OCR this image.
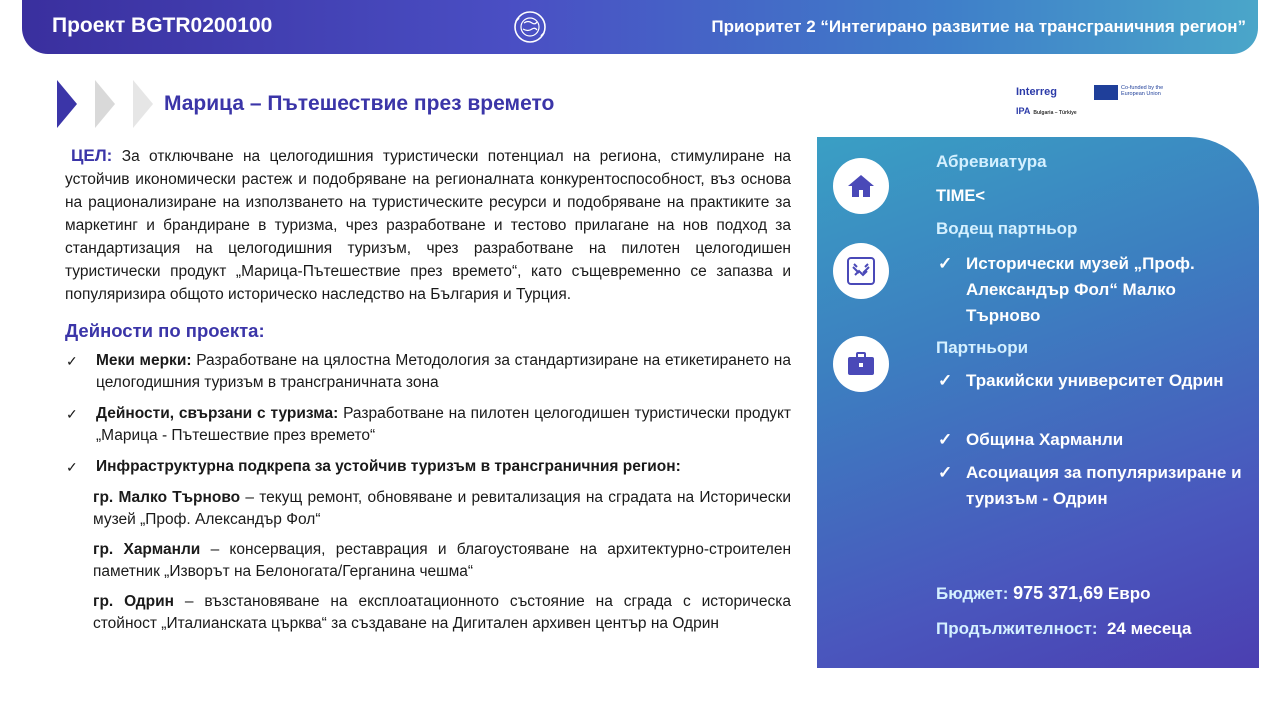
Проект BGTR0200100	Приоритет 2 “Интегирано развитие на трансграничния регион”
Марица – Пътешествие през времето	Interreg	Co-funded by the European Union
IPA Bulgaria – Türkiye

ЦЕЛ: За отключване на целогодишния туристически потенциал на региона, стимулиране на устойчив икономически растеж и подобряване на регионалната конкурентоспособност, въз основа на рационализиране на използването на туристическите ресурси и подобряване на практиките за маркетинг и брандиране в туризма, чрез разработване и тестово прилагане на нов подход за стандартизация на целогодишния туризъм, чрез разработване на пилотен целогодишен туристически продукт „Марица-Пътешествие през времето“, като същевременно се запазва и популяризира общото историческо наследство на България и Турция.

Дейности по проекта:
✓ Меки мерки: Разработване на цялостна Методология за стандартизиране на етикетирането на целогодишния туризъм в трансграничната зона
✓ Дейности, свързани с туризма: Разработване на пилотен целогодишен туристически продукт „Марица - Пътешествие през времето“
✓ Инфраструктурна подкрепа за устойчив туризъм в трансграничния регион:

гр. Малко Търново – текущ ремонт, обновяване и ревитализация на сградата на Исторически музей „Проф. Александър Фол“

гр. Харманли – консервация, реставрация и благоустояване на архитектурно-строителен паметник „Изворът на Белоногата/Герганина чешма“

гр. Одрин – възстановяване на експлоатационното състояние на сграда с историческа стойност „Италианската църква“ за създаване на Дигитален архивен център на Одрин

Абревиатура
TIME<
Водещ партньор
✓ Исторически музей „Проф. Александър Фол“ Малко Търново
Партньори
✓ Тракийски университет Одрин
✓ Община Харманли
✓ Асоциация за популяризиране и туризъм - Одрин
Бюджет: 975 371,69 Евро
Продължителност: 24 месеца
